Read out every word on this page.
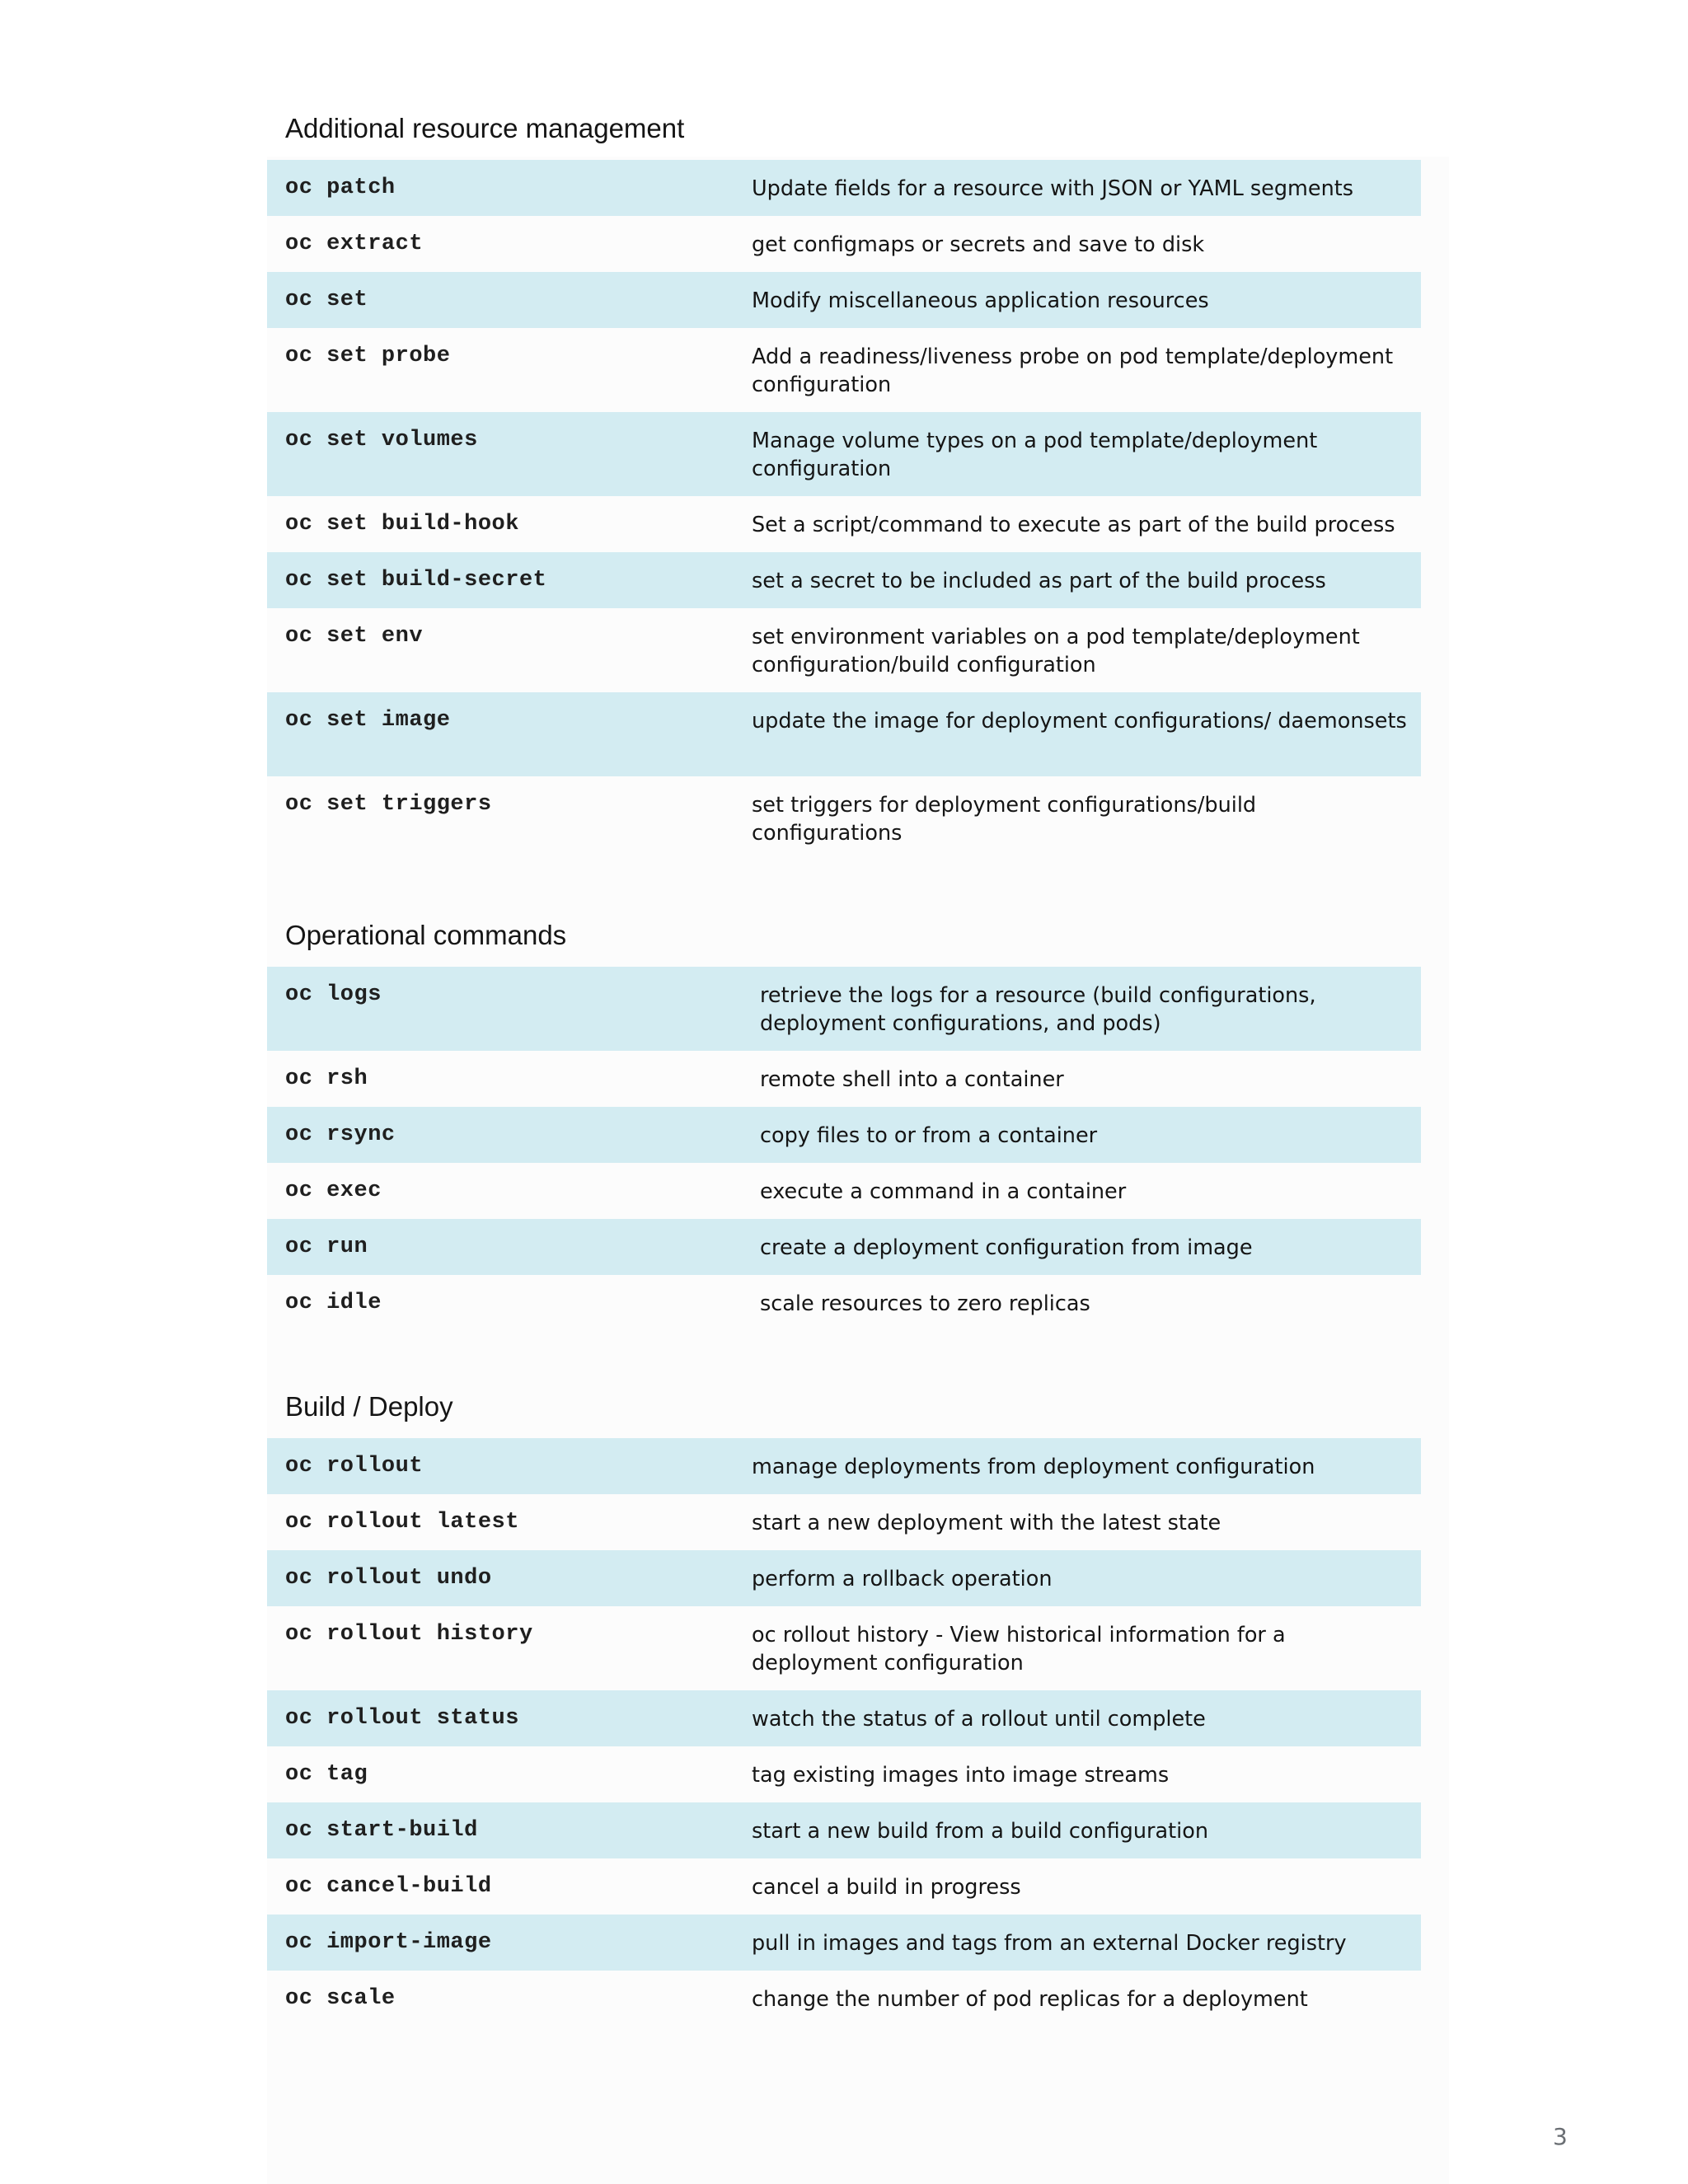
Additional resource management
oc patch	Update fields for a resource with JSON or YAML segments
oc extract	get configmaps or secrets and save to disk
oc set	Modify miscellaneous application resources
oc set probe	Add a readiness/liveness probe on pod template/deployment configuration
oc set volumes	Manage volume types on a pod template/deployment configuration
oc set build-hook	Set a script/command to execute as part of the build process
oc set build-secret	set a secret to be included as part of the build process
oc set env	set environment variables on a pod template/deployment configuration/build configuration
oc set image	update the image for deployment configurations/ daemonsets
oc set triggers	set triggers for deployment configurations/build configurations
Operational commands
oc logs	retrieve the logs for a resource (build configurations, deployment configurations, and pods)
oc rsh	remote shell into a container
oc rsync	copy files to or from a container
oc exec	execute a command in a container
oc run	create a deployment configuration from image
oc idle	scale resources to zero replicas
Build / Deploy
oc rollout	manage deployments from deployment configuration
oc rollout latest	start a new deployment with the latest state
oc rollout undo	perform a rollback operation
oc rollout history	oc rollout history - View historical information for a deployment configuration
oc rollout status	watch the status of a rollout until complete
oc tag	tag existing images into image streams
oc start-build	start a new build from a build configuration
oc cancel-build	cancel a build in progress
oc import-image	pull in images and tags from an external Docker registry
oc scale	change the number of pod replicas for a deployment
3
